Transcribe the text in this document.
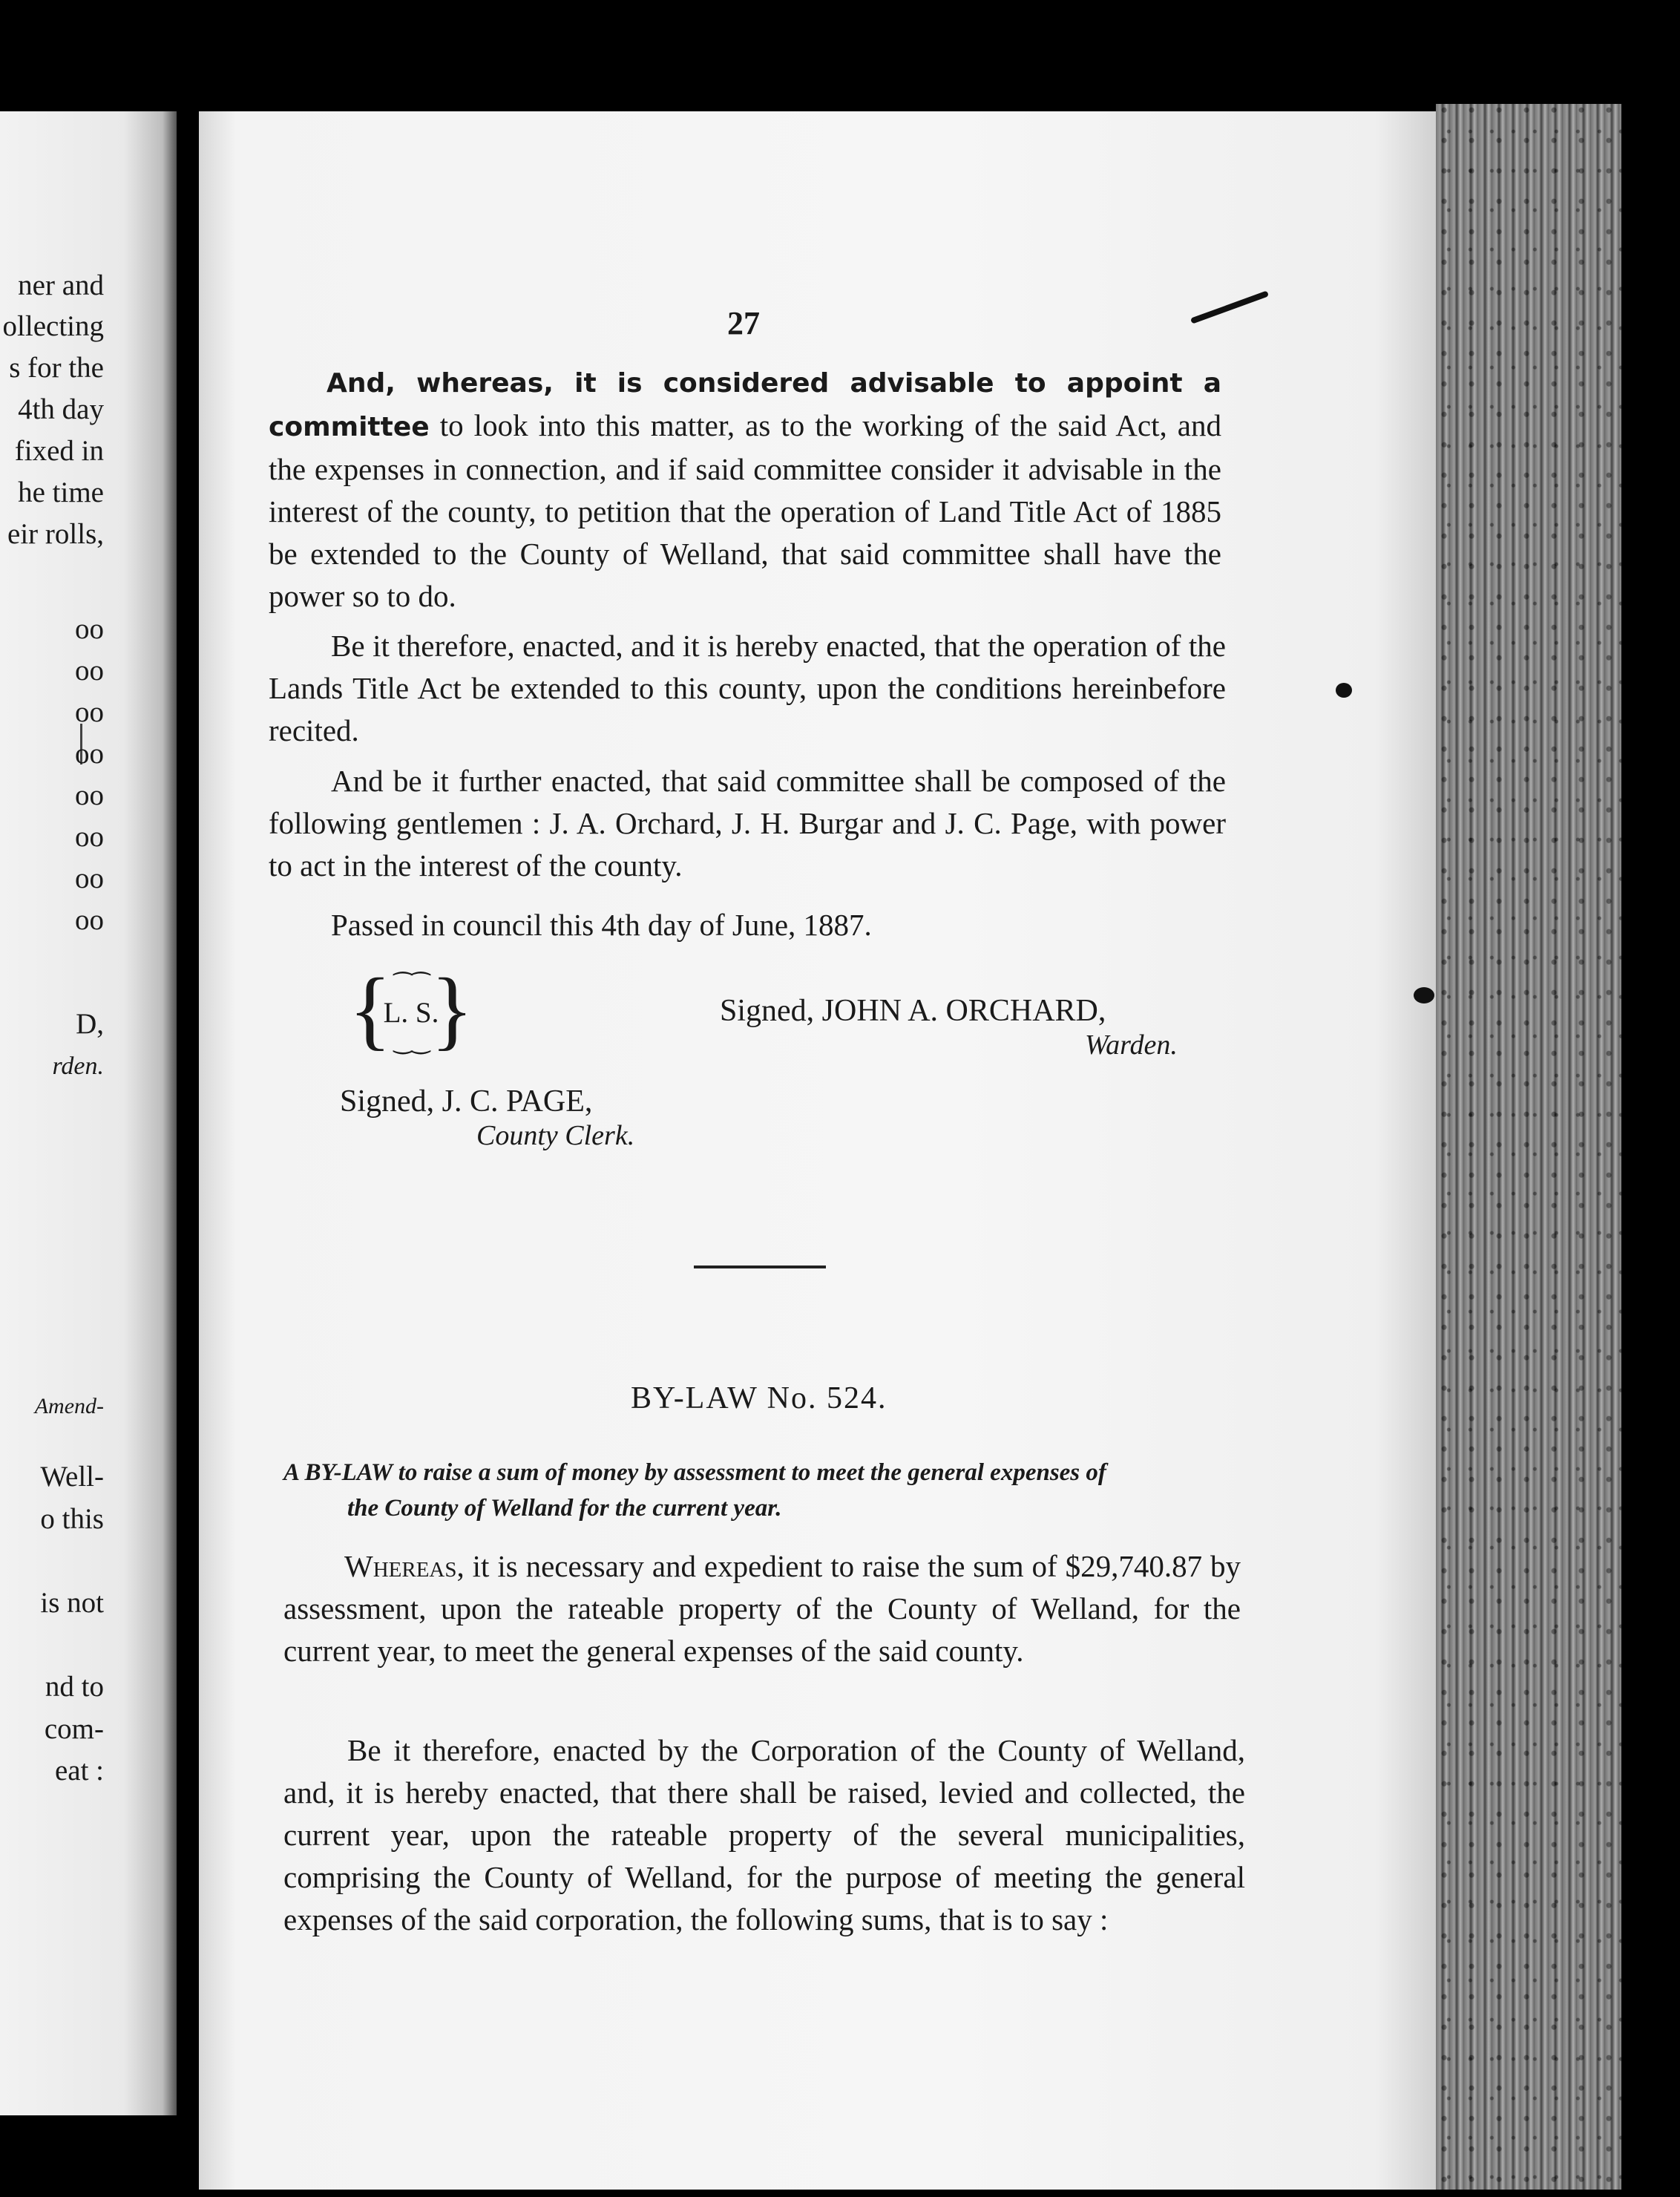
ner and
ollecting
s for the
4th day
fixed in
he time
eir rolls,
oo
oo
oo
oo
oo
oo
oo
oo
D,
rden.
Amend-
Well-
o this
is not
nd to
com-
eat :
27

And, whereas, it is considered advisable to appoint a committee to look into this matter, as to the working of the said Act, and the expenses in connection, and if said committee consider it advisable in the interest of the county, to petition that the operation of Land Title Act of 1885 be extended to the County of Welland, that said committee shall have the power so to do.

Be it therefore, enacted, and it is hereby enacted, that the operation of the Lands Title Act be extended to this county, upon the conditions hereinbefore recited.

And be it further enacted, that said committee shall be composed of the following gentlemen : J. A. Orchard, J. H. Burgar and J. C. Page, with power to act in the interest of the county.

Passed in council this 4th day of June, 1887.

{ ⁀⁀
L. S.
‿‿ }	Signed, JOHN A. ORCHARD,
Warden.
Signed, J. C. PAGE,
County Clerk.
BY-LAW No. 524.
A BY-LAW to raise a sum of money by assessment to meet the general expenses of
the County of Welland for the current year.

Whereas, it is necessary and expedient to raise the sum of $29,740.87 by assessment, upon the rateable property of the County of Welland, for the current year, to meet the general expenses of the said county.

Be it therefore, enacted by the Corporation of the County of Welland, and, it is hereby enacted, that there shall be raised, levied and collected, the current year, upon the rateable property of the several municipalities, comprising the County of Welland, for the purpose of meeting the general expenses of the said corporation, the following sums, that is to say :
